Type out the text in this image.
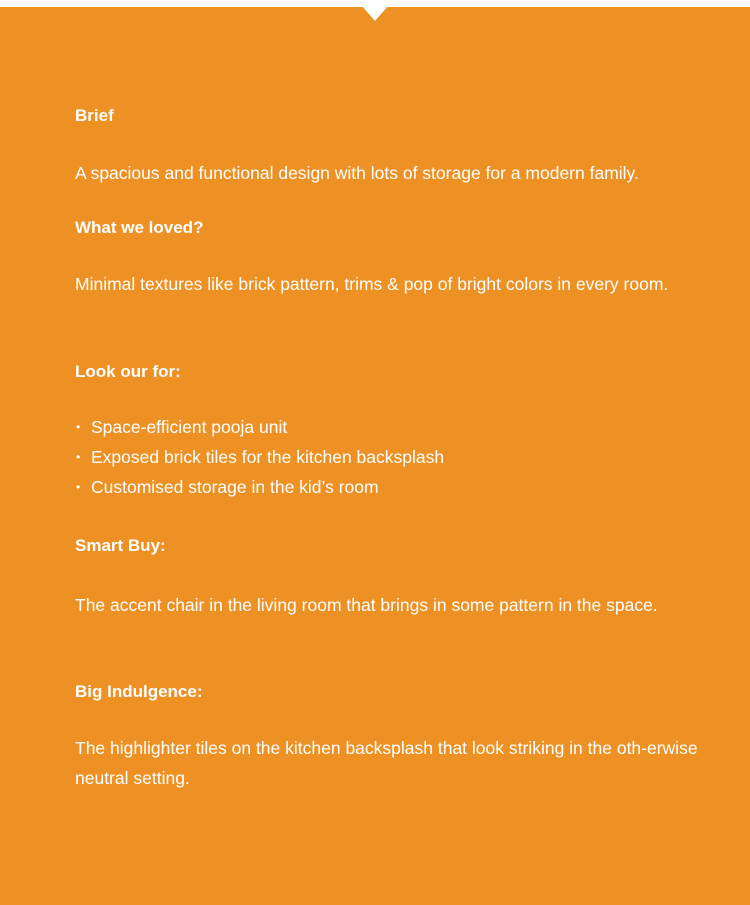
Brief

A spacious and functional design with lots of storage for a modern family.

What we loved?

Minimal textures like brick pattern, trims & pop of bright colors in every room.

Look our for:
• Space-efficient pooja unit
• Exposed brick tiles for the kitchen backsplash
• Customised storage in the kid’s room
Smart Buy:

The accent chair in the living room that brings in some pattern in the space.

Big Indulgence:

The highlighter tiles on the kitchen backsplash that look striking in the oth-erwise neutral setting.
